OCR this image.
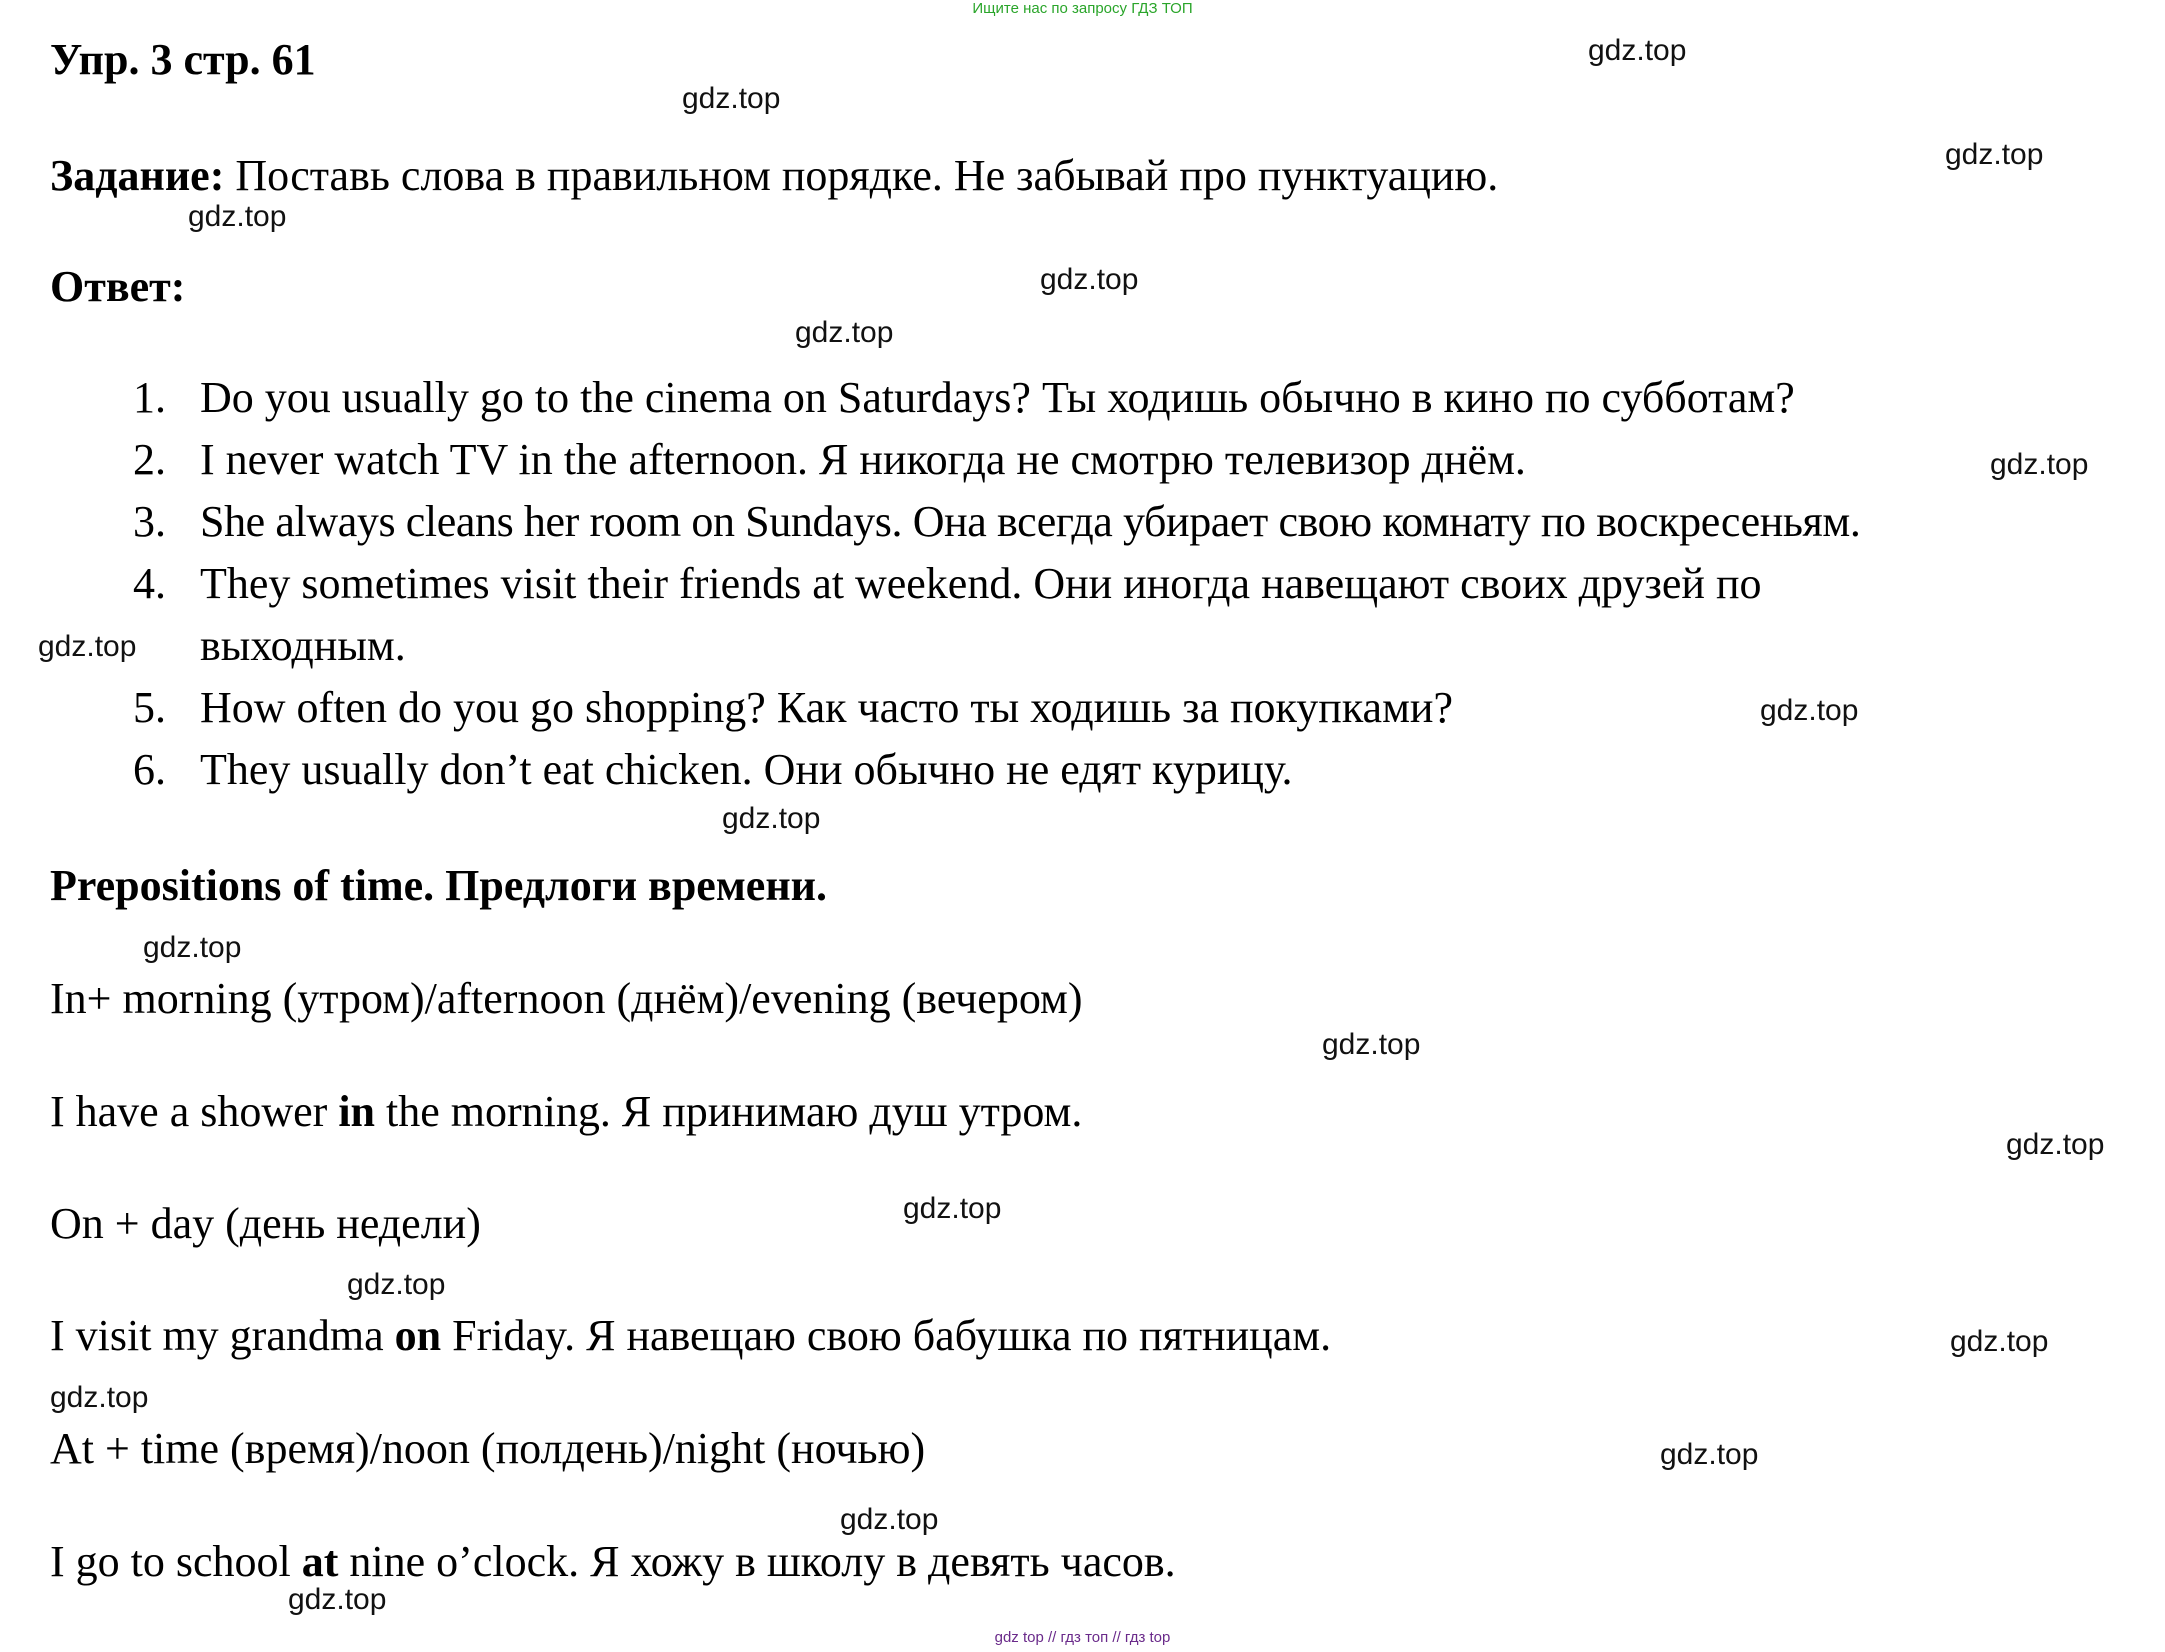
Ищите нас по запросу ГДЗ ТОП
Упр. 3 стр. 61
Задание: Поставь слова в правильном порядке. Не забывай про пунктуацию.
Ответ:
1. Do you usually go to the cinema on Saturdays? Ты ходишь обычно в кино по субботам?
2. I never watch TV in the afternoon. Я никогда не смотрю телевизор днём.
3. She always cleans her room on Sundays. Она всегда убирает свою комнату по воскресеньям.
4. They sometimes visit their friends at weekend. Они иногда навещают своих друзей по
выходным.
5. How often do you go shopping? Как часто ты ходишь за покупками?
6. They usually don’t eat chicken. Они обычно не едят курицу.
Prepositions of time. Предлоги времени.
In+ morning (утром)/afternoon (днём)/evening (вечером)
I have a shower in the morning. Я принимаю душ утром.
On + day (день недели)
I visit my grandma on Friday. Я навещаю свою бабушка по пятницам.
At + time (время)/noon (полдень)/night (ночью)
I go to school at nine o’clock. Я хожу в школу в девять часов.
gdz.top
gdz.top
gdz.top
gdz.top
gdz.top
gdz.top
gdz.top
gdz.top
gdz.top
gdz.top
gdz.top
gdz.top
gdz.top
gdz.top
gdz.top
gdz.top
gdz.top
gdz.top
gdz.top
gdz.top
gdz top // гдз топ // гдз top
